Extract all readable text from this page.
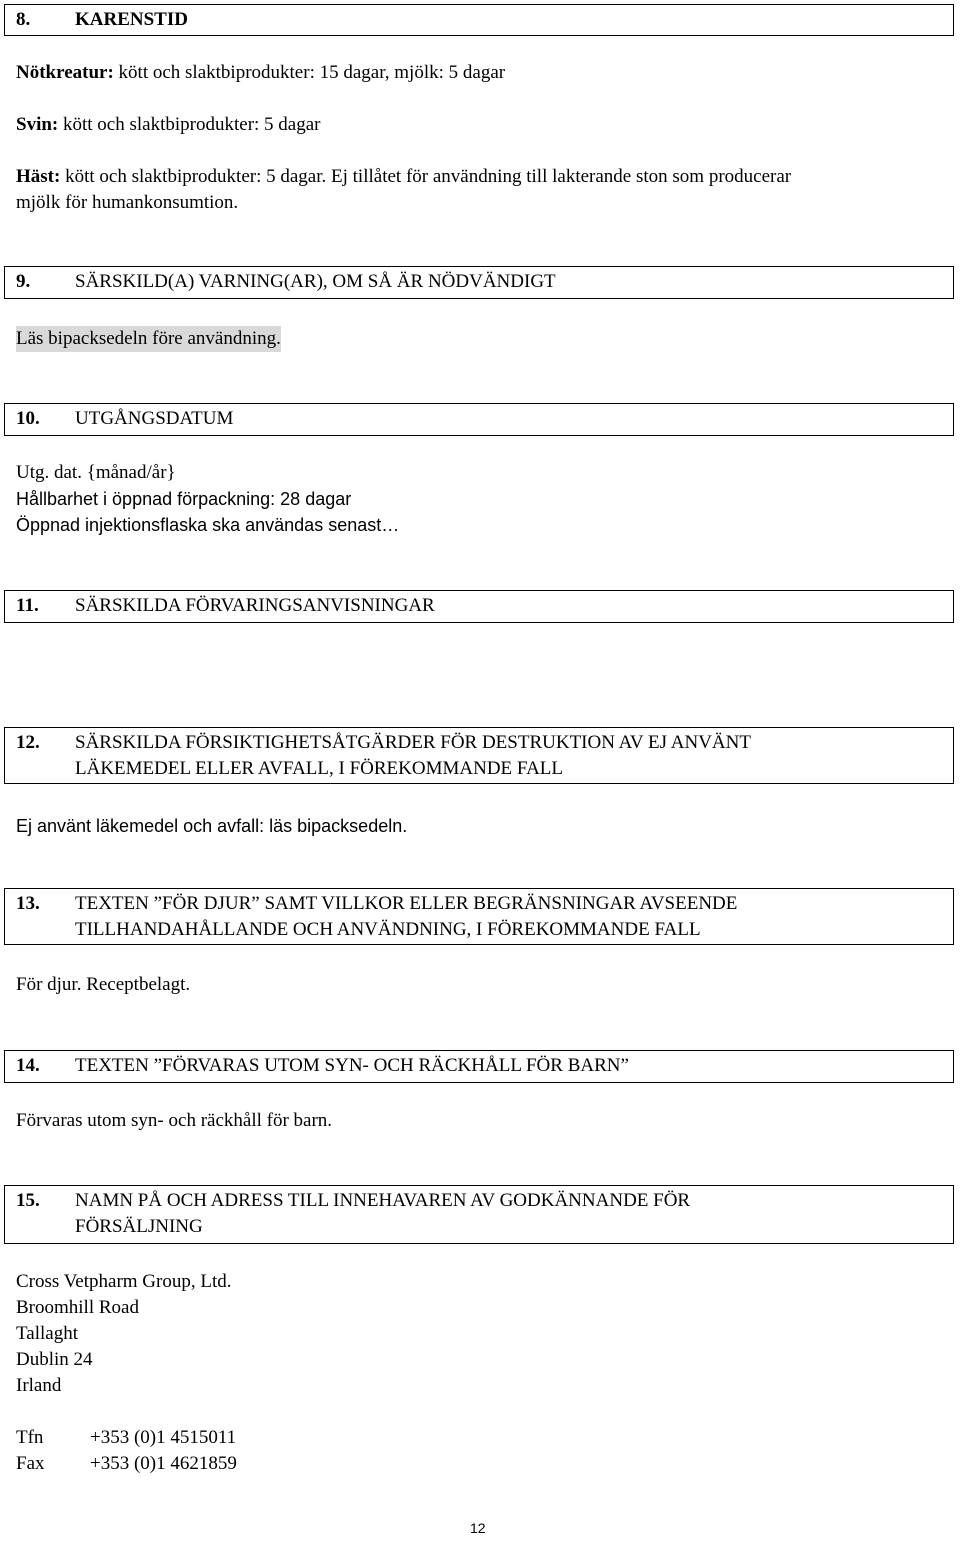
8. KARENSTID
Nötkreatur: kött och slaktbiprodukter: 15 dagar, mjölk: 5 dagar
Svin: kött och slaktbiprodukter: 5 dagar
Häst: kött och slaktbiprodukter: 5 dagar. Ej tillåtet för användning till lakterande ston som producerar
mjölk för humankonsumtion.
9. SÄRSKILD(A) VARNING(AR), OM SÅ ÄR NÖDVÄNDIGT
Läs bipacksedeln före användning.
10. UTGÅNGSDATUM
Utg. dat. {månad/år}
Hållbarhet i öppnad förpackning: 28 dagar
Öppnad injektionsflaska ska användas senast…
11. SÄRSKILDA FÖRVARINGSANVISNINGAR
12. SÄRSKILDA FÖRSIKTIGHETSÅTGÄRDER FÖR DESTRUKTION AV EJ ANVÄNT
LÄKEMEDEL ELLER AVFALL, I FÖREKOMMANDE FALL
Ej använt läkemedel och avfall: läs bipacksedeln.
13. TEXTEN ”FÖR DJUR” SAMT VILLKOR ELLER BEGRÄNSNINGAR AVSEENDE
TILLHANDAHÅLLANDE OCH ANVÄNDNING, I FÖREKOMMANDE FALL
För djur. Receptbelagt.
14. TEXTEN ”FÖRVARAS UTOM SYN- OCH RÄCKHÅLL FÖR BARN”
Förvaras utom syn- och räckhåll för barn.
15. NAMN PÅ OCH ADRESS TILL INNEHAVAREN AV GODKÄNNANDE FÖR
FÖRSÄLJNING
Cross Vetpharm Group, Ltd.
Broomhill Road
Tallaght
Dublin 24
Irland
Tfn +353 (0)1 4515011
Fax +353 (0)1 4621859
12
